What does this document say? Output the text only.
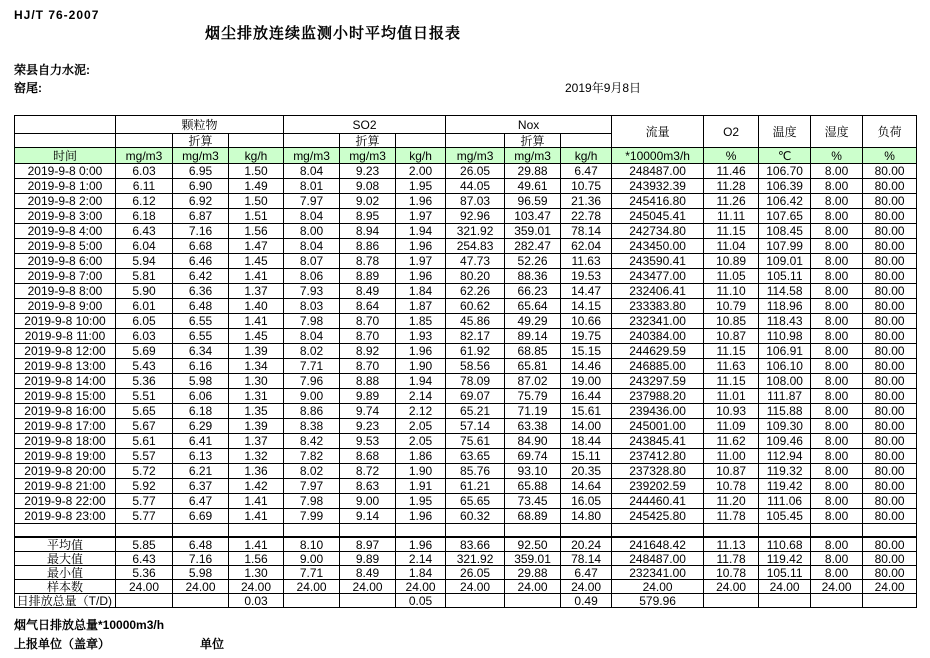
HJ/T 76-2007
烟尘排放连续监测小时平均值日报表
荣县自力水泥:
窑尾:	2019年9月8日
	颗粒物			SO2			Nox			流量	O2	温度	湿度	负荷
		折算			折算			折算						
时间	mg/m3	mg/m3	kg/h	mg/m3	mg/m3	kg/h	mg/m3	mg/m3	kg/h	*10000m3/h	%	℃	%	%
2019-9-8 0:00	6.03	6.95	1.50	8.04	9.23	2.00	26.05	29.88	6.47	248487.00	11.46	106.70	8.00	80.00
2019-9-8 1:00	6.11	6.90	1.49	8.01	9.08	1.95	44.05	49.61	10.75	243932.39	11.28	106.39	8.00	80.00
2019-9-8 2:00	6.12	6.92	1.50	7.97	9.02	1.96	87.03	96.59	21.36	245416.80	11.26	106.42	8.00	80.00
2019-9-8 3:00	6.18	6.87	1.51	8.04	8.95	1.97	92.96	103.47	22.78	245045.41	11.11	107.65	8.00	80.00
2019-9-8 4:00	6.43	7.16	1.56	8.00	8.94	1.94	321.92	359.01	78.14	242734.80	11.15	108.45	8.00	80.00
2019-9-8 5:00	6.04	6.68	1.47	8.04	8.86	1.96	254.83	282.47	62.04	243450.00	11.04	107.99	8.00	80.00
2019-9-8 6:00	5.94	6.46	1.45	8.07	8.78	1.97	47.73	52.26	11.63	243590.41	10.89	109.01	8.00	80.00
2019-9-8 7:00	5.81	6.42	1.41	8.06	8.89	1.96	80.20	88.36	19.53	243477.00	11.05	105.11	8.00	80.00
2019-9-8 8:00	5.90	6.36	1.37	7.93	8.49	1.84	62.26	66.23	14.47	232406.41	11.10	114.58	8.00	80.00
2019-9-8 9:00	6.01	6.48	1.40	8.03	8.64	1.87	60.62	65.64	14.15	233383.80	10.79	118.96	8.00	80.00
2019-9-8 10:00	6.05	6.55	1.41	7.98	8.70	1.85	45.86	49.29	10.66	232341.00	10.85	118.43	8.00	80.00
2019-9-8 11:00	6.03	6.55	1.45	8.04	8.70	1.93	82.17	89.14	19.75	240384.00	10.87	110.98	8.00	80.00
2019-9-8 12:00	5.69	6.34	1.39	8.02	8.92	1.96	61.92	68.85	15.15	244629.59	11.15	106.91	8.00	80.00
2019-9-8 13:00	5.43	6.16	1.34	7.71	8.70	1.90	58.56	65.81	14.46	246885.00	11.63	106.10	8.00	80.00
2019-9-8 14:00	5.36	5.98	1.30	7.96	8.88	1.94	78.09	87.02	19.00	243297.59	11.15	108.00	8.00	80.00
2019-9-8 15:00	5.51	6.06	1.31	9.00	9.89	2.14	69.07	75.79	16.44	237988.20	11.01	111.87	8.00	80.00
2019-9-8 16:00	5.65	6.18	1.35	8.86	9.74	2.12	65.21	71.19	15.61	239436.00	10.93	115.88	8.00	80.00
2019-9-8 17:00	5.67	6.29	1.39	8.38	9.23	2.05	57.14	63.38	14.00	245001.00	11.09	109.30	8.00	80.00
2019-9-8 18:00	5.61	6.41	1.37	8.42	9.53	2.05	75.61	84.90	18.44	243845.41	11.62	109.46	8.00	80.00
2019-9-8 19:00	5.57	6.13	1.32	7.82	8.68	1.86	63.65	69.74	15.11	237412.80	11.00	112.94	8.00	80.00
2019-9-8 20:00	5.72	6.21	1.36	8.02	8.72	1.90	85.76	93.10	20.35	237328.80	10.87	119.32	8.00	80.00
2019-9-8 21:00	5.92	6.37	1.42	7.97	8.63	1.91	61.21	65.88	14.64	239202.59	10.78	119.42	8.00	80.00
2019-9-8 22:00	5.77	6.47	1.41	7.98	9.00	1.95	65.65	73.45	16.05	244460.41	11.20	111.06	8.00	80.00
2019-9-8 23:00	5.77	6.69	1.41	7.99	9.14	1.96	60.32	68.89	14.80	245425.80	11.78	105.45	8.00	80.00

平均值	5.85	6.48	1.41	8.10	8.97	1.96	83.66	92.50	20.24	241648.42	11.13	110.68	8.00	80.00
最大值	6.43	7.16	1.56	9.00	9.89	2.14	321.92	359.01	78.14	248487.00	11.78	119.42	8.00	80.00
最小值	5.36	5.98	1.30	7.71	8.49	1.84	26.05	29.88	6.47	232341.00	10.78	105.11	8.00	80.00
样本数	24.00	24.00	24.00	24.00	24.00	24.00	24.00	24.00	24.00	24.00	24.00	24.00	24.00	24.00

日排放总量（T/D)			0.03			0.05			0.49	579.96				
烟气日排放总量*10000m3/h
上报单位（盖章）	单位
